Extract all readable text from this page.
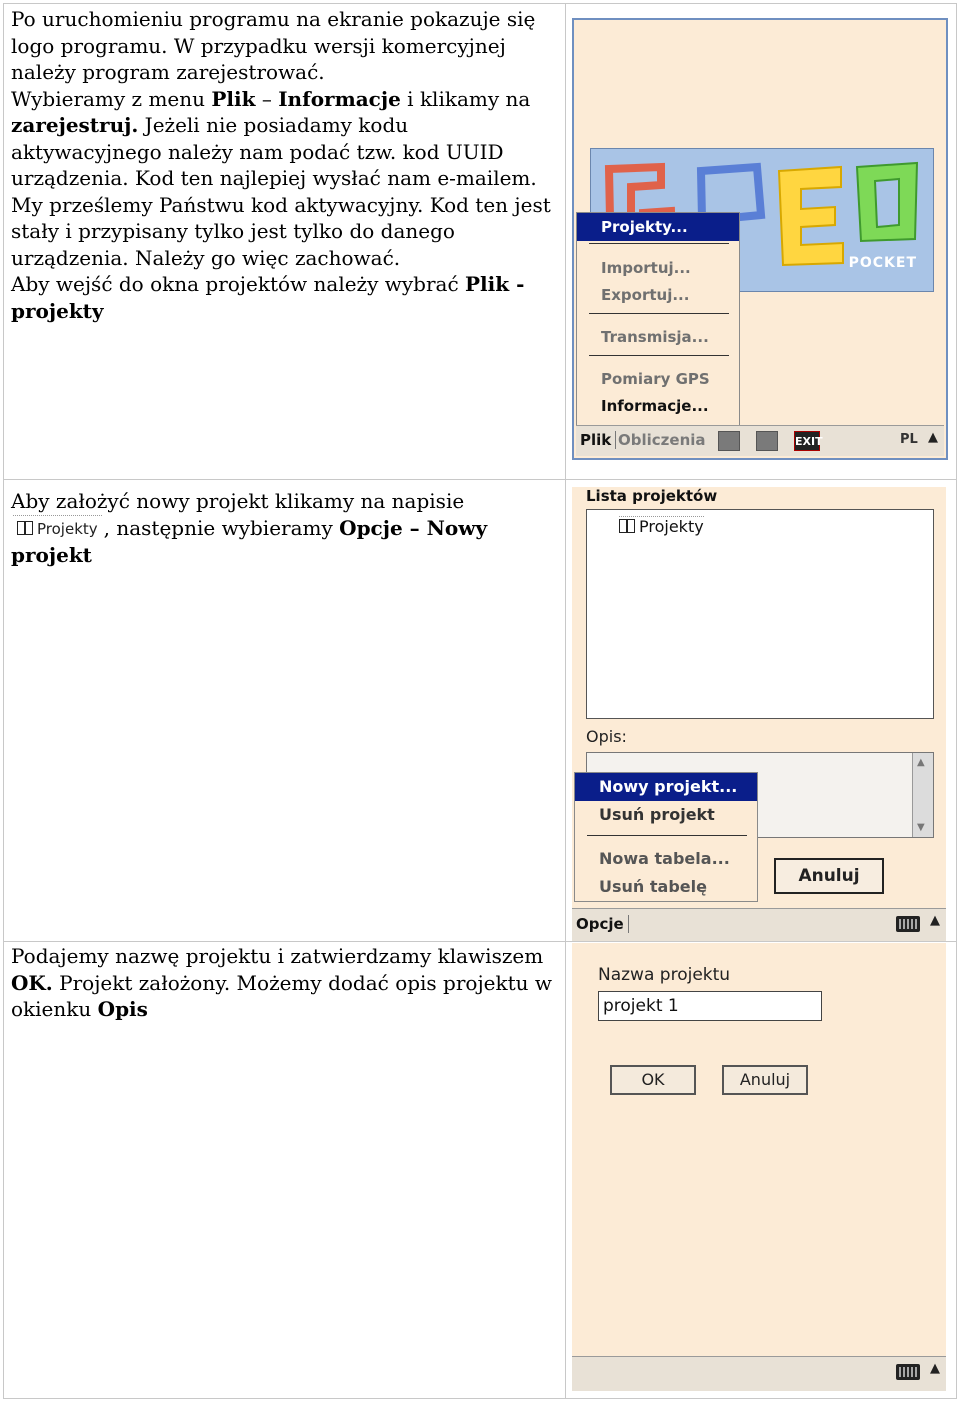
Po uruchomieniu programu na ekranie pokazuje się logo programu. W przypadku wersji komercyjnej należy program zarejestrować.

Wybieramy z menu Plik – Informacje i klikamy na zarejestruj. Jeżeli nie posiadamy kodu aktywacyjnego należy nam podać tzw. kod UUID urządzenia. Kod ten najlepiej wysłać nam e-mailem. My prześlemy Państwu kod aktywacyjny. Kod ten jest stały i przypisany tylko jest tylko do danego urządzenia. Należy go więc zachować.

Aby wejść do okna projektów należy wybrać Plik -projekty

POCKET
Projekty...
Importuj...
Exportuj...
Transmisja...
Pomiary GPS
Informacje...
Plik Obliczenia	EXIT	PL ▲

Aby założyć nowy projekt klikamy na napisie Projekty , następnie wybieramy Opcje – Nowy projekt

Lista projektów
Projekty
Opis:
▲
▼
Nowy projekt...
Usuń projekt
Nowa tabela...
Usuń tabelę
Anuluj
Opcje	▲

Podajemy nazwę projektu i zatwierdzamy klawiszem OK. Projekt założony. Możemy dodać opis projektu w okienku Opis

Nazwa projektu
projekt 1
OK	Anuluj
▲
